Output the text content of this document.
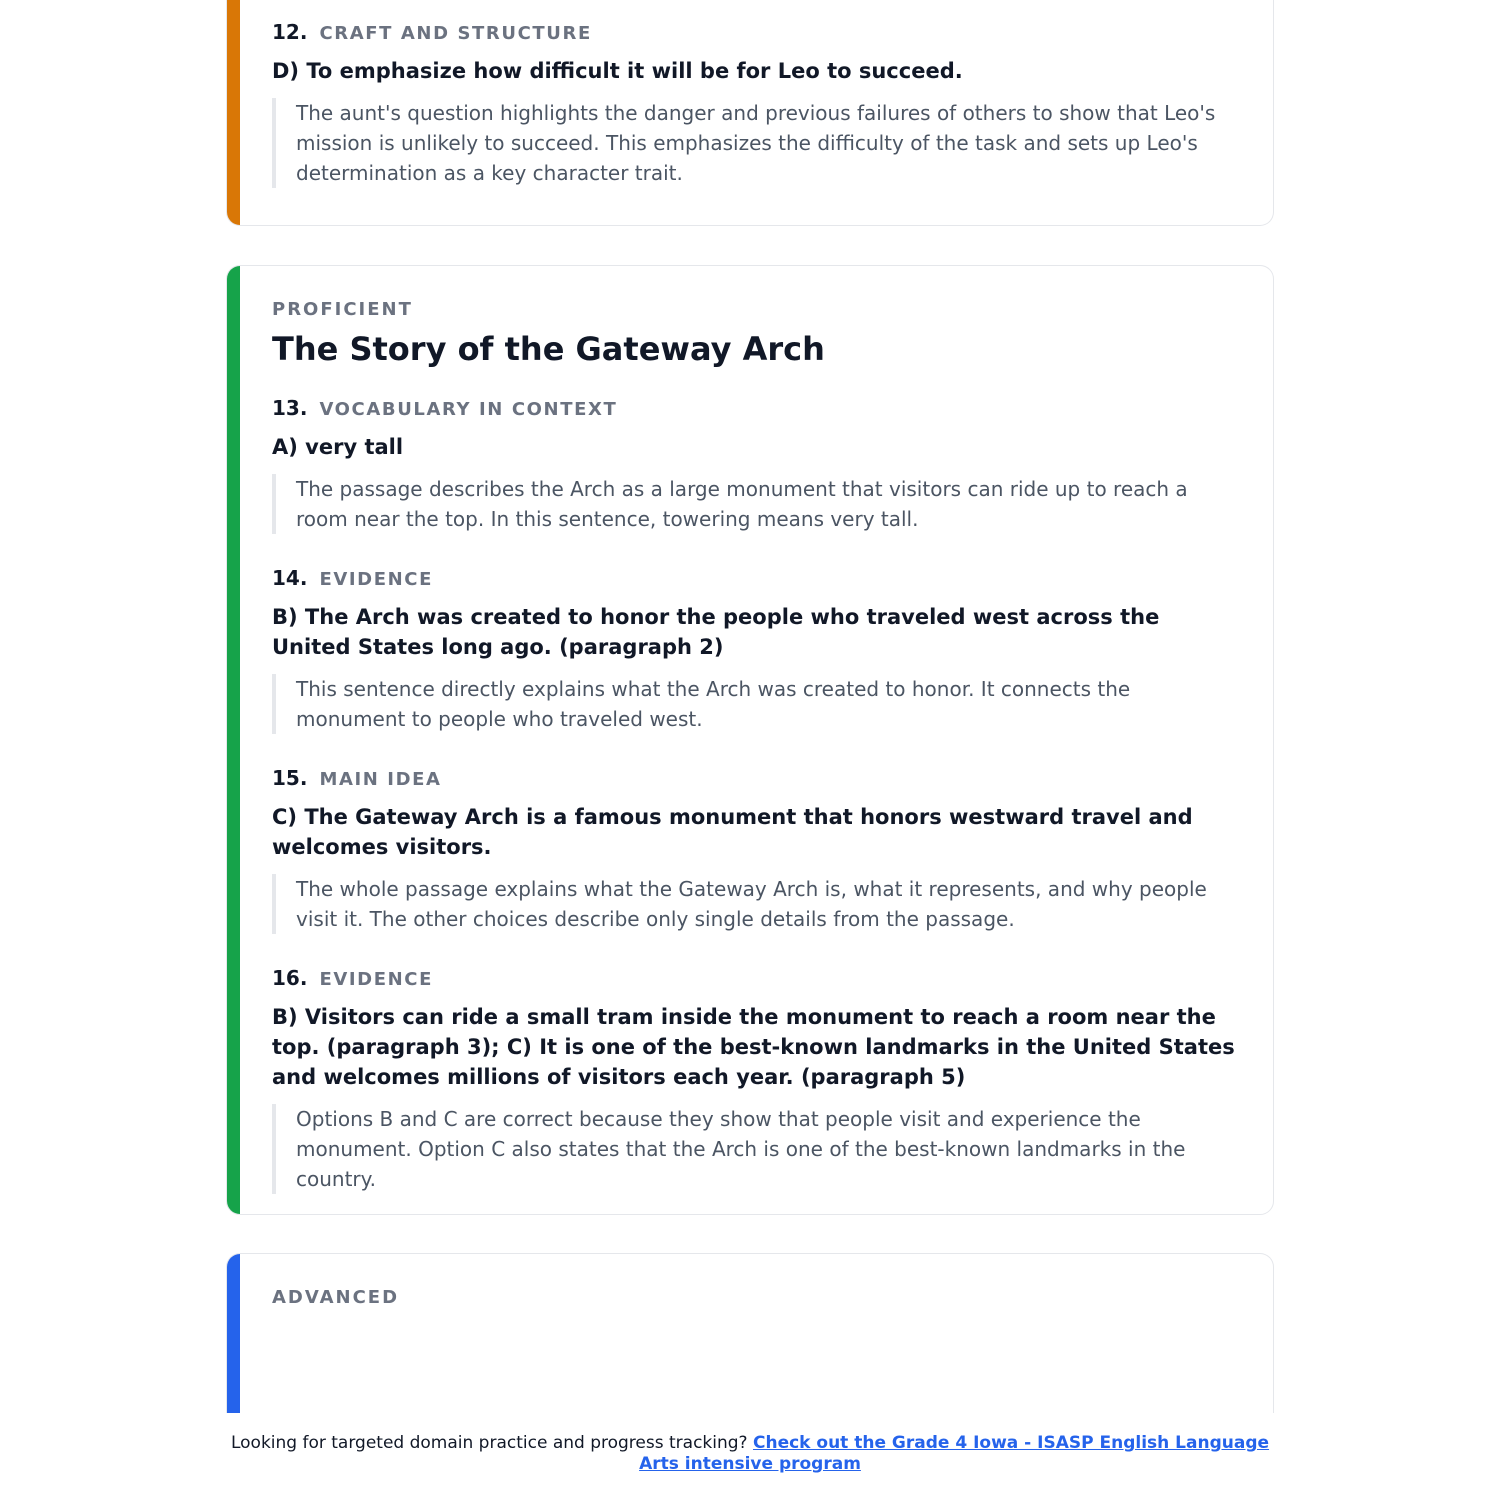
12. CRAFT AND STRUCTURE

D) To emphasize how difficult it will be for Leo to succeed.

The aunt's question highlights the danger and previous failures of others to show that Leo's mission is unlikely to succeed. This emphasizes the difficulty of the task and sets up Leo's determination as a key character trait.

PROFICIENT
The Story of the Gateway Arch
13. VOCABULARY IN CONTEXT

A) very tall

The passage describes the Arch as a large monument that visitors can ride up to reach a room near the top. In this sentence, towering means very tall.

14. EVIDENCE

B) The Arch was created to honor the people who traveled west across the United States long ago. (paragraph 2)

This sentence directly explains what the Arch was created to honor. It connects the monument to people who traveled west.

15. MAIN IDEA

C) The Gateway Arch is a famous monument that honors westward travel and welcomes visitors.

The whole passage explains what the Gateway Arch is, what it represents, and why people visit it. The other choices describe only single details from the passage.

16. EVIDENCE

B) Visitors can ride a small tram inside the monument to reach a room near the top. (paragraph 3); C) It is one of the best-known landmarks in the United States and welcomes millions of visitors each year. (paragraph 5)

Options B and C are correct because they show that people visit and experience the monument. Option C also states that the Arch is one of the best-known landmarks in the country.

ADVANCED
Looking for targeted domain practice and progress tracking? Check out the Grade 4 Iowa - ISASP English Language Arts intensive program
